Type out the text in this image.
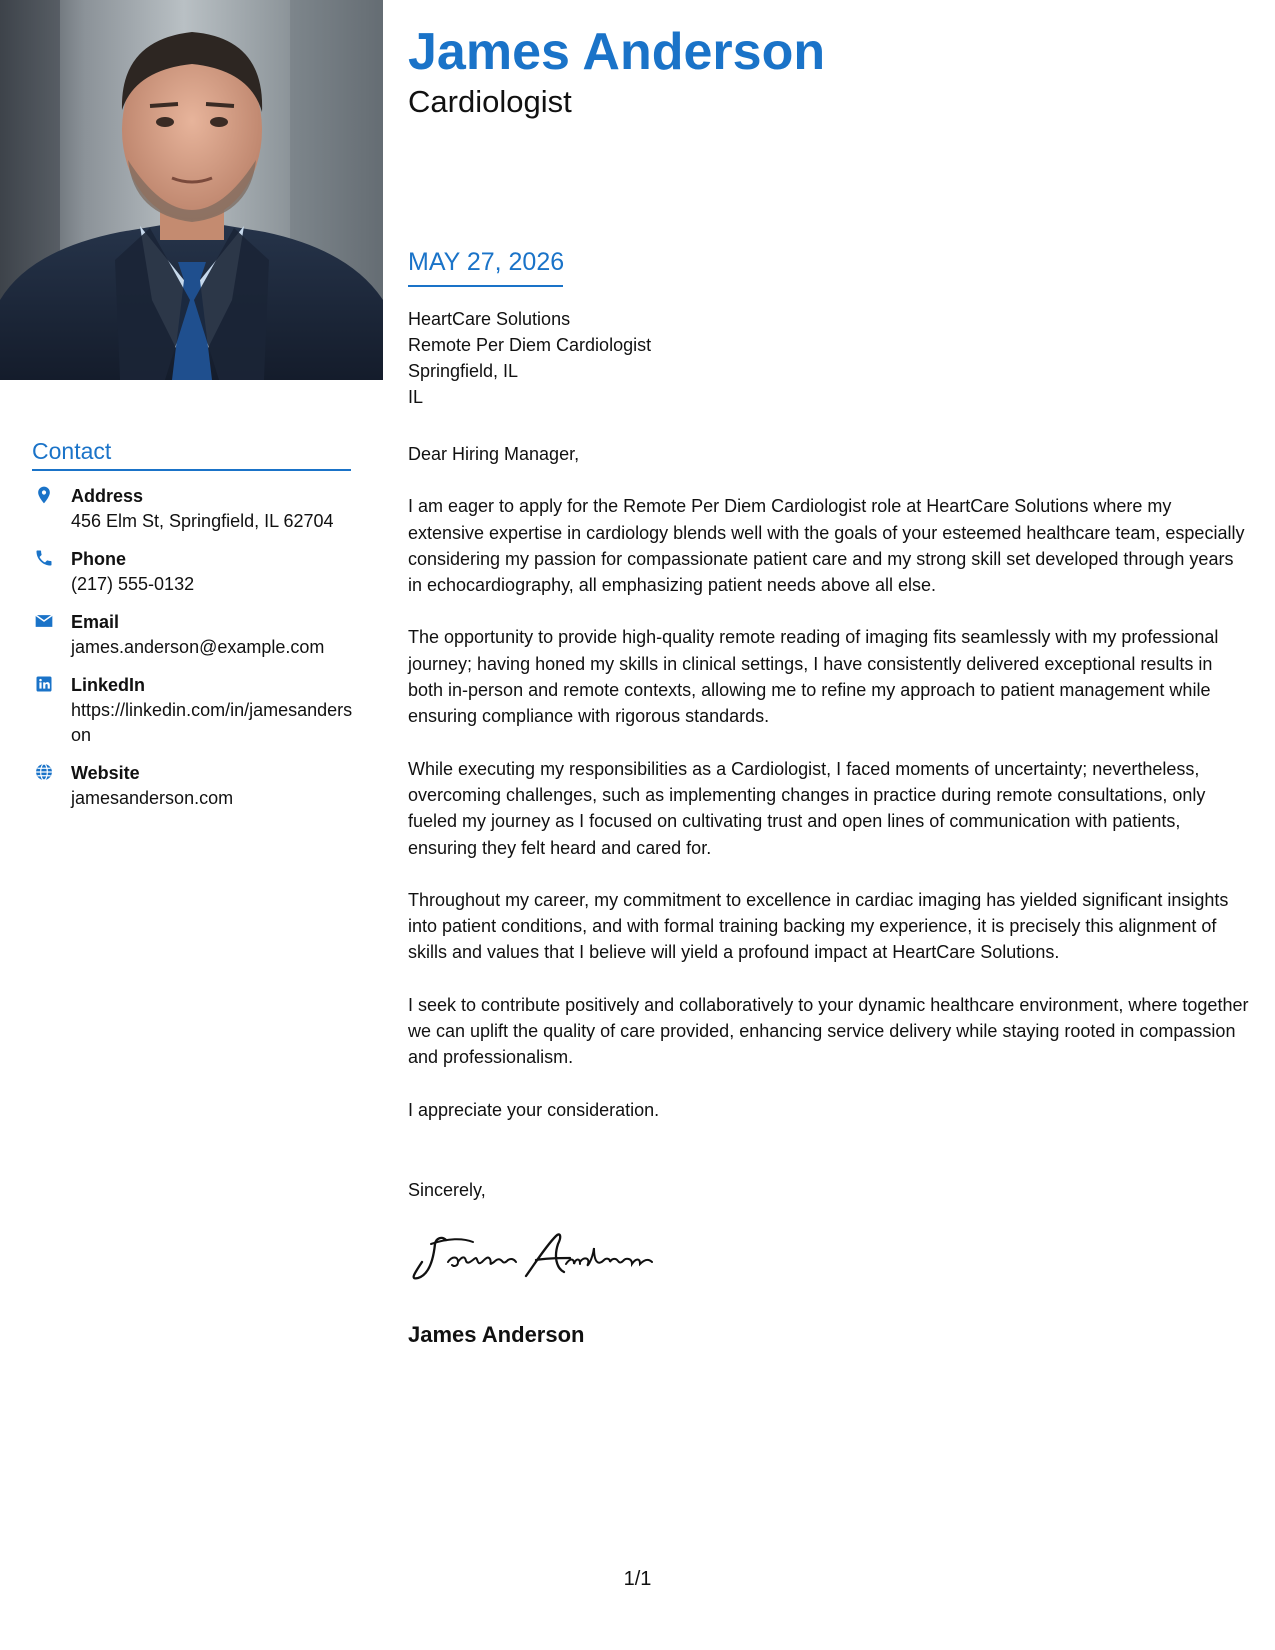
Contact
Address
456 Elm St, Springfield, IL 62704
Phone
(217) 555-0132
Email
james.anderson@example.com
LinkedIn
https://linkedin.com/in/jamesanderson
Website
jamesanderson.com
James Anderson
Cardiologist
MAY 27, 2026
HeartCare Solutions
Remote Per Diem Cardiologist
Springfield, IL
IL

Dear Hiring Manager,

I am eager to apply for the Remote Per Diem Cardiologist role at HeartCare Solutions where my extensive expertise in cardiology blends well with the goals of your esteemed healthcare team, especially considering my passion for compassionate patient care and my strong skill set developed through years in echocardiography, all emphasizing patient needs above all else.

The opportunity to provide high-quality remote reading of imaging fits seamlessly with my professional journey; having honed my skills in clinical settings, I have consistently delivered exceptional results in both in-person and remote contexts, allowing me to refine my approach to patient management while ensuring compliance with rigorous standards.

While executing my responsibilities as a Cardiologist, I faced moments of uncertainty; nevertheless, overcoming challenges, such as implementing changes in practice during remote consultations, only fueled my journey as I focused on cultivating trust and open lines of communication with patients, ensuring they felt heard and cared for.

Throughout my career, my commitment to excellence in cardiac imaging has yielded significant insights into patient conditions, and with formal training backing my experience, it is precisely this alignment of skills and values that I believe will yield a profound impact at HeartCare Solutions.

I seek to contribute positively and collaboratively to your dynamic healthcare environment, where together we can uplift the quality of care provided, enhancing service delivery while staying rooted in compassion and professionalism.

I appreciate your consideration.

Sincerely,
James Anderson
1/1
